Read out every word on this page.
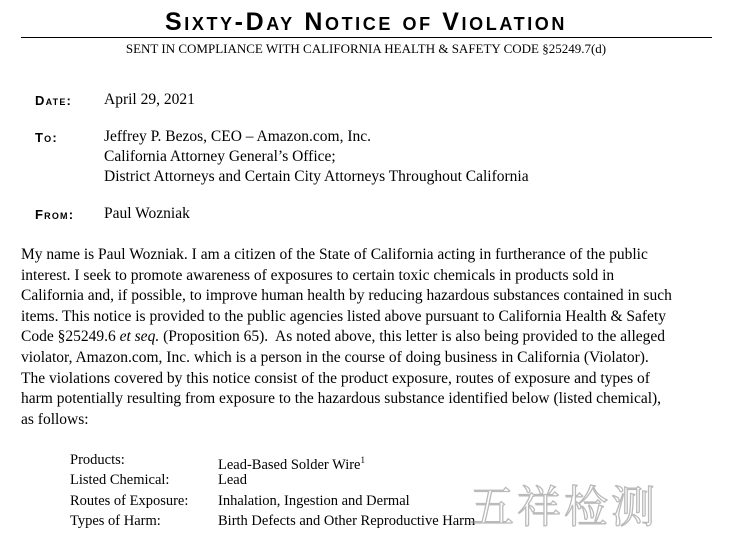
Sixty-Day Notice of Violation
SENT IN COMPLIANCE WITH CALIFORNIA HEALTH & SAFETY CODE §25249.7(d)
Date: April 29, 2021
To:	Jeffrey P. Bezos, CEO – Amazon.com, Inc.
California Attorney General’s Office;
District Attorneys and Certain City Attorneys Throughout California
From: Paul Wozniak
My name is Paul Wozniak. I am a citizen of the State of California acting in furtherance of the public
interest. I seek to promote awareness of exposures to certain toxic chemicals in products sold in
California and, if possible, to improve human health by reducing hazardous substances contained in such
items. This notice is provided to the public agencies listed above pursuant to California Health & Safety
Code §25249.6 et seq. (Proposition 65).  As noted above, this letter is also being provided to the alleged
violator, Amazon.com, Inc. which is a person in the course of doing business in California (Violator).
The violations covered by this notice consist of the product exposure, routes of exposure and types of
harm potentially resulting from exposure to the hazardous substance identified below (listed chemical),
as follows:
Products:	Lead-Based Solder Wire$^1$
Listed Chemical:	Lead
Routes of Exposure: Inhalation, Ingestion and Dermal
Types of Harm:	Birth Defects and Other Reproductive Harm
五祥检测
